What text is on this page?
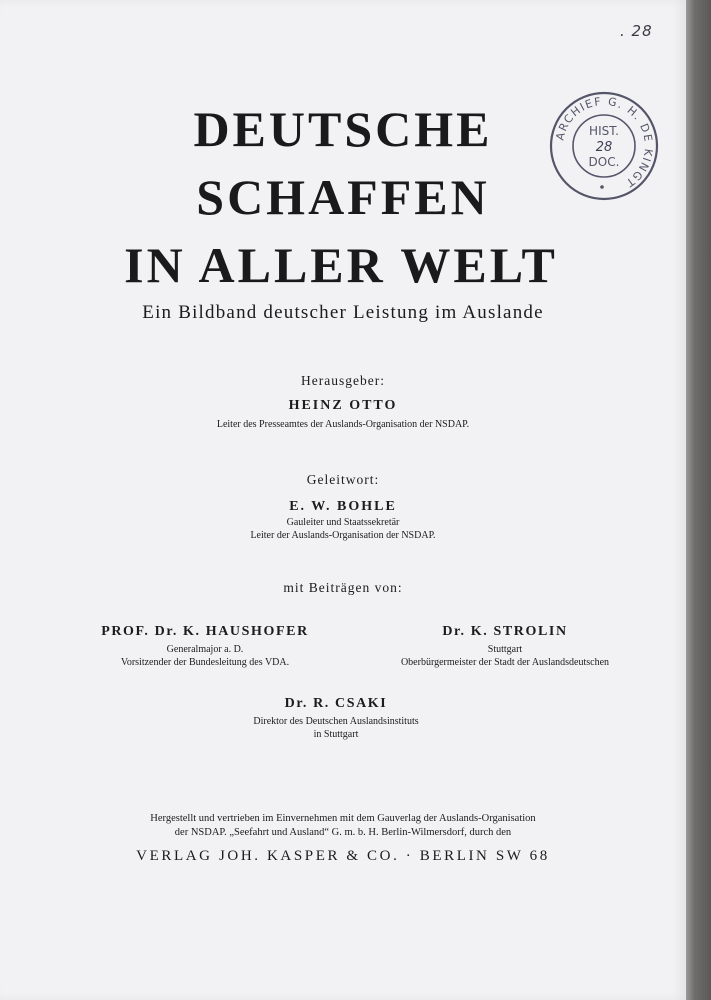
. 28
ARCHIEF G. H. DE KINGT
HIST.
28
DOC.
DEUTSCHE
SCHAFFEN
IN ALLER WELT
Ein Bildband deutscher Leistung im Auslande
Herausgeber:
HEINZ OTTO
Leiter des Presseamtes der Auslands-Organisation der NSDAP.
Geleitwort:
E. W. BOHLE
Gauleiter und Staatssekretär
Leiter der Auslands-Organisation der NSDAP.
mit Beiträgen von:
PROF. Dr. K. HAUSHOFER
Generalmajor a. D.
Vorsitzender der Bundesleitung des VDA.
Dr. K. STROLIN
Stuttgart
Oberbürgermeister der Stadt der Auslandsdeutschen
Dr. R. CSAKI
Direktor des Deutschen Auslandsinstituts
in Stuttgart
Hergestellt und vertrieben im Einvernehmen mit dem Gauverlag der Auslands-Organisation
der NSDAP. „Seefahrt und Ausland“ G. m. b. H. Berlin-Wilmersdorf, durch den
VERLAG JOH. KASPER & CO. · BERLIN SW 68
